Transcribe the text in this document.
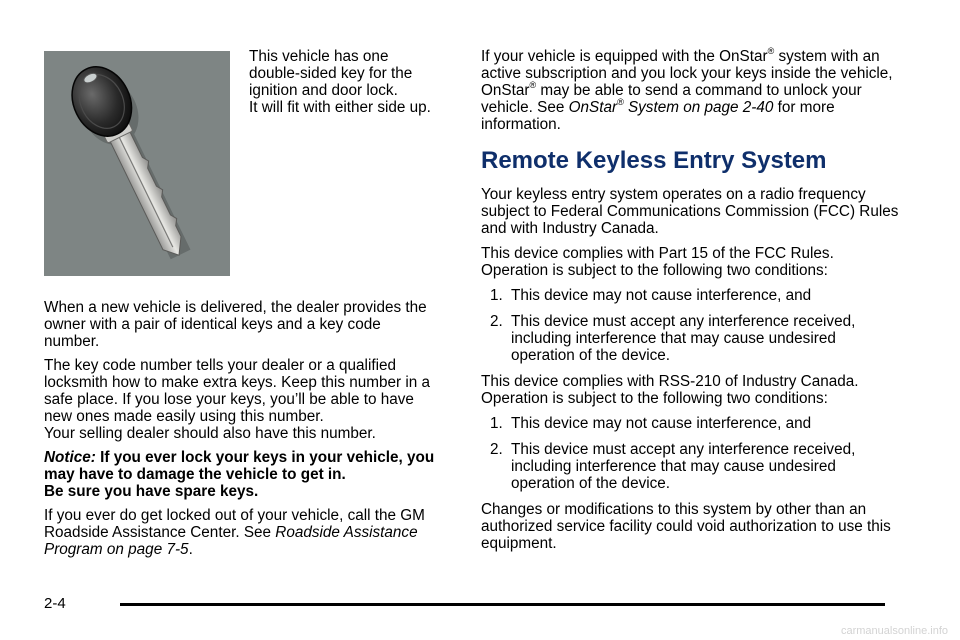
This vehicle has one
double-sided key for the
ignition and door lock.
It will fit with either side up.

When a new vehicle is delivered, the dealer provides the owner with a pair of identical keys and a key code number.

The key code number tells your dealer or a qualified locksmith how to make extra keys. Keep this number in a safe place. If you lose your keys, you’ll be able to have new ones made easily using this number.
Your selling dealer should also have this number.

Notice: If you ever lock your keys in your vehicle, you may have to damage the vehicle to get in.
Be sure you have spare keys.

If you ever do get locked out of your vehicle, call the GM Roadside Assistance Center. See Roadside Assistance Program on page 7-5.

If your vehicle is equipped with the OnStar® system with an active subscription and you lock your keys inside the vehicle, OnStar® may be able to send a command to unlock your vehicle. See OnStar® System on page 2-40 for more information.

Remote Keyless Entry System

Your keyless entry system operates on a radio frequency subject to Federal Communications Commission (FCC) Rules and with Industry Canada.

This device complies with Part 15 of the FCC Rules. Operation is subject to the following two conditions:

1. This device may not cause interference, and
2. This device must accept any interference received, including interference that may cause undesired operation of the device.

This device complies with RSS-210 of Industry Canada. Operation is subject to the following two conditions:

1. This device may not cause interference, and
2. This device must accept any interference received, including interference that may cause undesired operation of the device.

Changes or modifications to this system by other than an authorized service facility could void authorization to use this equipment.

2-4
carmanualsonline.info
